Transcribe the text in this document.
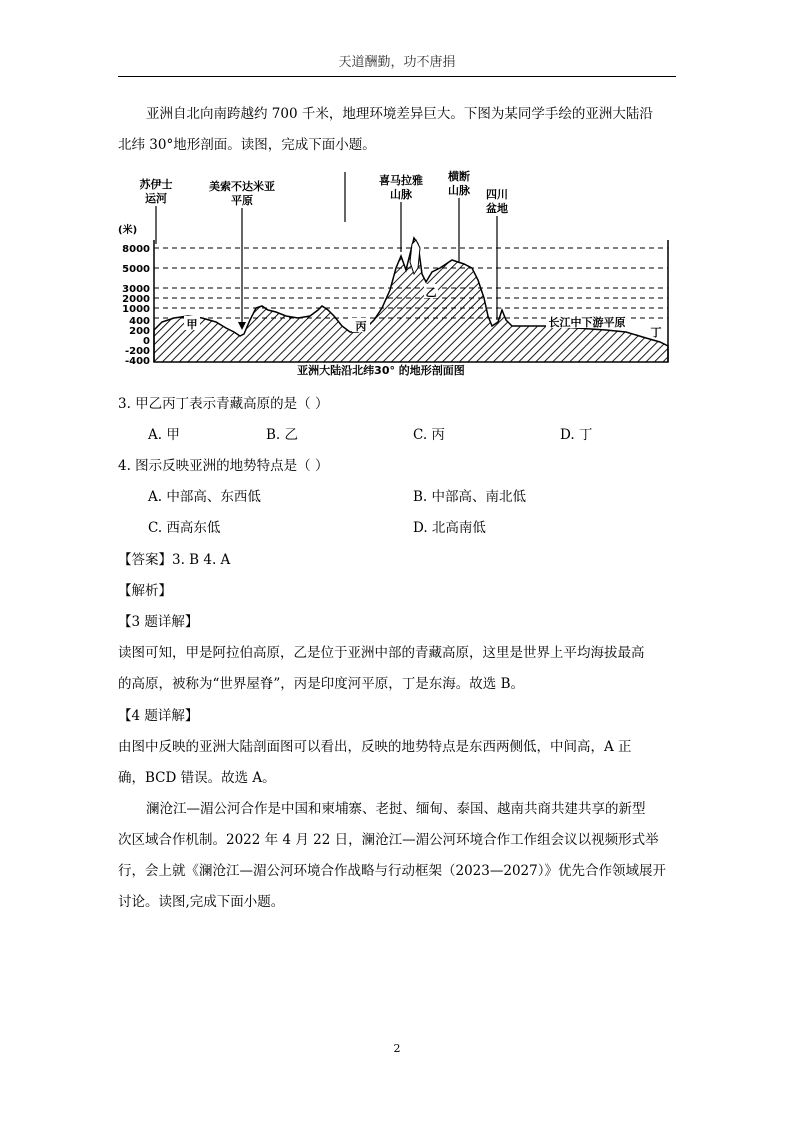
天道酬勤，功不唐捐
亚洲自北向南跨越约 700 千米，地理环境差异巨大。下图为某同学手绘的亚洲大陆沿
北纬 30°地形剖面。读图，完成下面小题。
苏伊士
运河
美索不达米亚
平原
喜马拉雅
山脉
横断
山脉 四川
盆地
(米)
8000
5000
3000
2000
1000
400
200
0
-200
-400
甲
乙
丙	长江中下游平原
丁
亚洲大陆沿北纬30° 的地形剖面图
3. 甲乙丙丁表示青藏高原的是（ ）
A. 甲	B. 乙	C. 丙	D. 丁
4. 图示反映亚洲的地势特点是（ ）
A. 中部高、东西低	B. 中部高、南北低
C. 西高东低	D. 北高南低
【答案】3. B 4. A
【解析】
【3 题详解】
读图可知，甲是阿拉伯高原，乙是位于亚洲中部的青藏高原，这里是世界上平均海拔最高
的高原，被称为“世界屋脊”，丙是印度河平原，丁是东海。故选 B。
【4 题详解】
由图中反映的亚洲大陆剖面图可以看出，反映的地势特点是东西两侧低，中间高，A 正
确，BCD 错误。故选 A。
澜沧江—湄公河合作是中国和柬埔寨、老挝、缅甸、泰国、越南共商共建共享的新型
次区域合作机制。2022 年 4 月 22 日，澜沧江—湄公河环境合作工作组会议以视频形式举
行，会上就《澜沧江—湄公河环境合作战略与行动框架（2023—2027）》优先合作领域展开
讨论。读图,完成下面小题。
2
